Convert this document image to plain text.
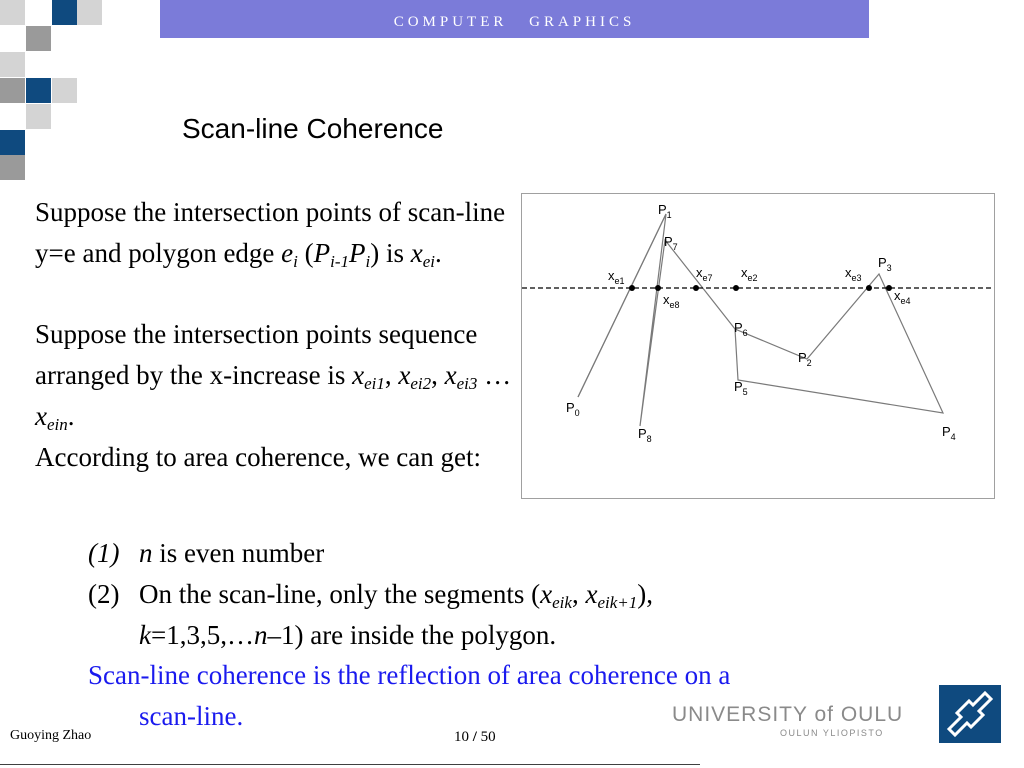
COMPUTER GRAPHICS
Scan-line Coherence
Suppose the intersection points of scan-line y=e and polygon edge $e_i$ $(P_{i-1}P_i)$ is $x_{ei}$.
Suppose the intersection points sequence arranged by the x-increase is $x_{ei1}$, $x_{ei2}$, $x_{ei3}$ … $x_{ein}$.
According to area coherence, we can get:
$P_1$
$P_7$
$P_3$
$P_6$
$P_2$
$P_5$
$P_0$
$P_8$	$P_4$
$x_{e1}$
$x_{e8}$
$x_{e7}$ $x_{e2}$	$x_{e3}$
$x_{e4}$
(1) n is even number
(2) On the scan-line, only the segments ($x_{eik}$, $x_{eik+1}$),
k=1,3,5,…n–1) are inside the polygon.
Scan-line coherence is the reflection of area coherence on a
scan-line.
Guoying Zhao	10 / 50
UNIVERSITY of OULU
OULUN YLIOPISTO
